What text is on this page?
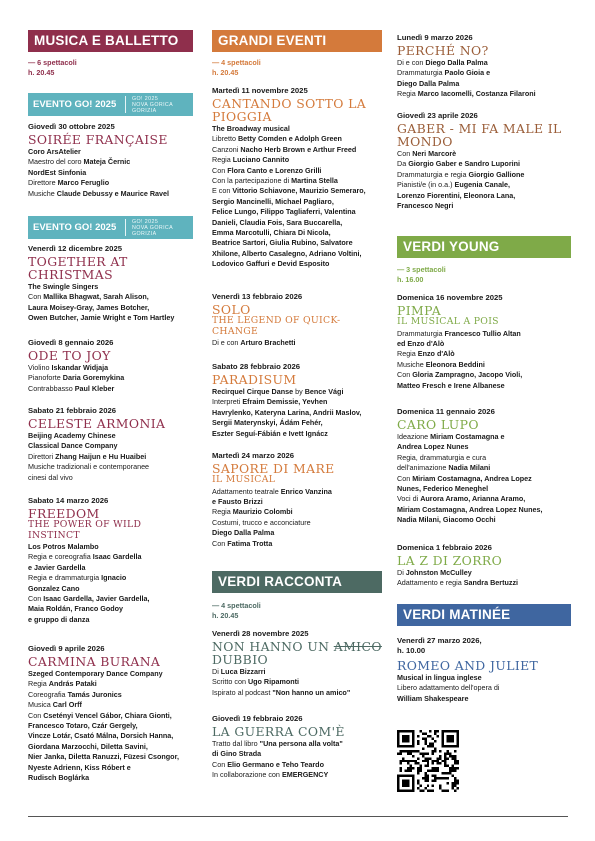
MUSICA E BALLETTO
— 6 spettacoli
h. 20.45
EVENTO GO! 2025	GO! 2025
NOVA GORICA
GORIZIA
Giovedì 30 ottobre 2025
SOIRÉE FRANÇAISE
Coro ArsAtelier
Maestro del coro Mateja Černic
NordEst Sinfonia
Direttore Marco Feruglio
Musiche Claude Debussy e Maurice Ravel
EVENTO GO! 2025	GO! 2025
NOVA GORICA
GORIZIA
Venerdì 12 dicembre 2025
TOGETHER AT CHRISTMAS
The Swingle Singers
Con Mallika Bhagwat, Sarah Alison,
Laura Moisey-Gray, James Botcher,
Owen Butcher, Jamie Wright e Tom Hartley
Giovedì 8 gennaio 2026
ODE TO JOY
Violino Iskandar Widjaja
Pianoforte Daria Goremykina
Contrabbasso Paul Kleber
Sabato 21 febbraio 2026
CELESTE ARMONIA
Beijing Academy Chinese
Classical Dance Company
Direttori Zhang Haijun e Hu Huaibei
Musiche tradizionali e contemporanee
cinesi dal vivo
Sabato 14 marzo 2026
FREEDOM
THE POWER OF WILD INSTINCT
Los Potros Malambo
Regia e coreografia Isaac Gardella
e Javier Gardella
Regia e drammaturgia Ignacio
Gonzalez Cano
Con Isaac Gardella, Javier Gardella,
Maia Roldán, Franco Godoy
e gruppo di danza
Giovedì 9 aprile 2026
CARMINA BURANA
Szeged Contemporary Dance Company
Regia András Pataki
Coreografia Tamás Juronics
Musica Carl Orff
Con Csetényi Vencel Gábor, Chiara Gionti,
Francesco Totaro, Czár Gergely,
Vincze Lotár, Csató Málna, Dorsich Hanna,
Giordana Marzocchi, Diletta Savini,
Nier Janka, Diletta Ranuzzi, Füzesi Csongor,
Nyeste Adrienn, Kiss Róbert e
Rudisch Boglárka
GRANDI EVENTI
— 4 spettacoli
h. 20.45
Martedì 11 novembre 2025
CANTANDO SOTTO LA PIOGGIA
The Broadway musical
Libretto Betty Comden e Adolph Green
Canzoni Nacho Herb Brown e Arthur Freed
Regia Luciano Cannito
Con Flora Canto e Lorenzo Grilli
Con la partecipazione di Martina Stella
E con Vittorio Schiavone, Maurizio Semeraro,
Sergio Mancinelli, Michael Pagliaro,
Felice Lungo, Filippo Tagliaferri, Valentina
Danieli, Claudia Fois, Sara Buccarella,
Emma Marcotulli, Chiara Di Nicola,
Beatrice Sartori, Giulia Rubino, Salvatore
Xhilone, Alberto Casalegno, Adriano Voltini,
Lodovico Gaffuri e Devid Esposito
Venerdì 13 febbraio 2026
SOLO
THE LEGEND OF QUICK-CHANGE
Di e con Arturo Brachetti
Sabato 28 febbraio 2026
PARADISUM
Recirquel Cirque Danse by Bence Vági
Interpreti Efraim Demissie, Yevhen
Havrylenko, Kateryna Larina, Andrii Maslov,
Sergii Materynskyi, Ádám Fehér,
Eszter Seguí-Fábián e Ivett Ignácz
Martedì 24 marzo 2026
SAPORE DI MARE
IL MUSICAL
Adattamento teatrale Enrico Vanzina
e Fausto Brizzi
Regia Maurizio Colombi
Costumi, trucco e acconciature
Diego Dalla Palma
Con Fatima Trotta
VERDI RACCONTA
— 4 spettacoli
h. 20.45
Venerdì 28 novembre 2025
NON HANNO UN AMICO DUBBIO
Di Luca Bizzarri
Scritto con Ugo Ripamonti
Ispirato al podcast "Non hanno un amico"
Giovedì 19 febbraio 2026
LA GUERRA COM'È
Tratto dal libro "Una persona alla volta"
di Gino Strada
Con Elio Germano e Teho Teardo
In collaborazione con EMERGENCY
Lunedì 9 marzo 2026
PERCHÉ NO?
Di e con Diego Dalla Palma
Drammaturgia Paolo Gioia e
Diego Dalla Palma
Regia Marco Iacomelli, Costanza Filaroni
Giovedì 23 aprile 2026
GABER - MI FA MALE IL MONDO
Con Neri Marcorè
Da Giorgio Gaber e Sandro Luporini
Drammaturgia e regia Giorgio Gallione
Pianisti/e (in o.a.) Eugenia Canale,
Lorenzo Fiorentini, Eleonora Lana,
Francesco Negri
VERDI YOUNG
— 3 spettacoli
h. 16.00
Domenica 16 novembre 2025
PIMPA
IL MUSICAL A POIS
Drammaturgia Francesco Tullio Altan
ed Enzo d'Alò
Regia Enzo d'Alò
Musiche Eleonora Beddini
Con Gloria Zampragno, Jacopo Violi,
Matteo Fresch e Irene Albanese
Domenica 11 gennaio 2026
CARO LUPO
Ideazione Miriam Costamagna e
Andrea Lopez Nunes
Regia, drammaturgia e cura
dell'animazione Nadia Milani
Con Miriam Costamagna, Andrea Lopez
Nunes, Federico Meneghel
Voci di Aurora Aramo, Arianna Aramo,
Miriam Costamagna, Andrea Lopez Nunes,
Nadia Milani, Giacomo Occhi
Domenica 1 febbraio 2026
LA Z DI ZORRO
Di Johnston McCulley
Adattamento e regia Sandra Bertuzzi
VERDI MATINÉE
Venerdì 27 marzo 2026,
h. 10.00
ROMEO AND JULIET
Musical in lingua inglese
Libero adattamento dell'opera di
William Shakespeare
